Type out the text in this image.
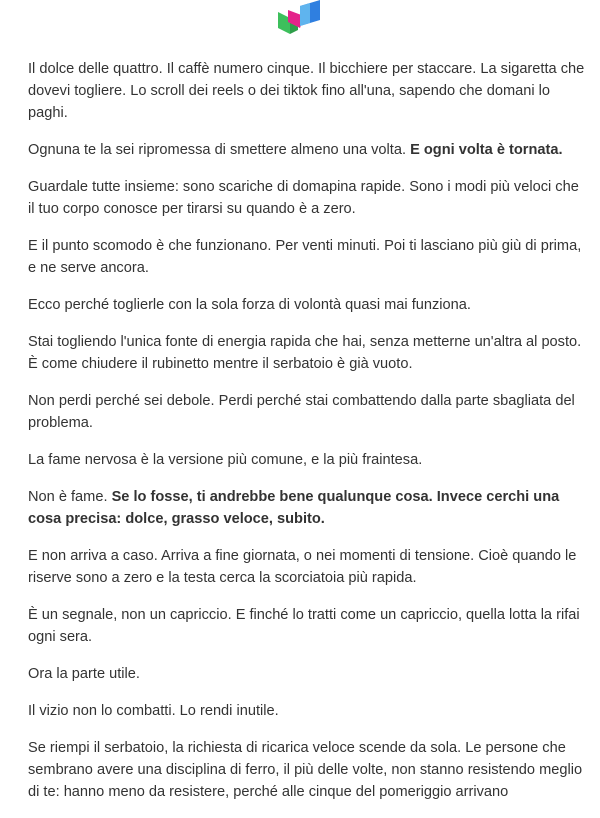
Il dolce delle quattro. Il caffè numero cinque. Il bicchiere per staccare. La sigaretta che dovevi togliere. Lo scroll dei reels o dei tiktok fino all'una, sapendo che domani lo paghi.

Ognuna te la sei ripromessa di smettere almeno una volta. E ogni volta è tornata.

Guardale tutte insieme: sono scariche di domapina rapide. Sono i modi più veloci che il tuo corpo conosce per tirarsi su quando è a zero.

E il punto scomodo è che funzionano. Per venti minuti. Poi ti lasciano più giù di prima, e ne serve ancora.

Ecco perché toglierle con la sola forza di volontà quasi mai funziona.

Stai togliendo l'unica fonte di energia rapida che hai, senza metterne un'altra al posto. È come chiudere il rubinetto mentre il serbatoio è già vuoto.

Non perdi perché sei debole. Perdi perché stai combattendo dalla parte sbagliata del problema.

La fame nervosa è la versione più comune, e la più fraintesa.

Non è fame. Se lo fosse, ti andrebbe bene qualunque cosa. Invece cerchi una cosa precisa: dolce, grasso veloce, subito.

E non arriva a caso. Arriva a fine giornata, o nei momenti di tensione. Cioè quando le riserve sono a zero e la testa cerca la scorciatoia più rapida.

È un segnale, non un capriccio. E finché lo tratti come un capriccio, quella lotta la rifai ogni sera.

Ora la parte utile.

Il vizio non lo combatti. Lo rendi inutile.

Se riempi il serbatoio, la richiesta di ricarica veloce scende da sola. Le persone che sembrano avere una disciplina di ferro, il più delle volte, non stanno resistendo meglio di te: hanno meno da resistere, perché alle cinque del pomeriggio arrivano
